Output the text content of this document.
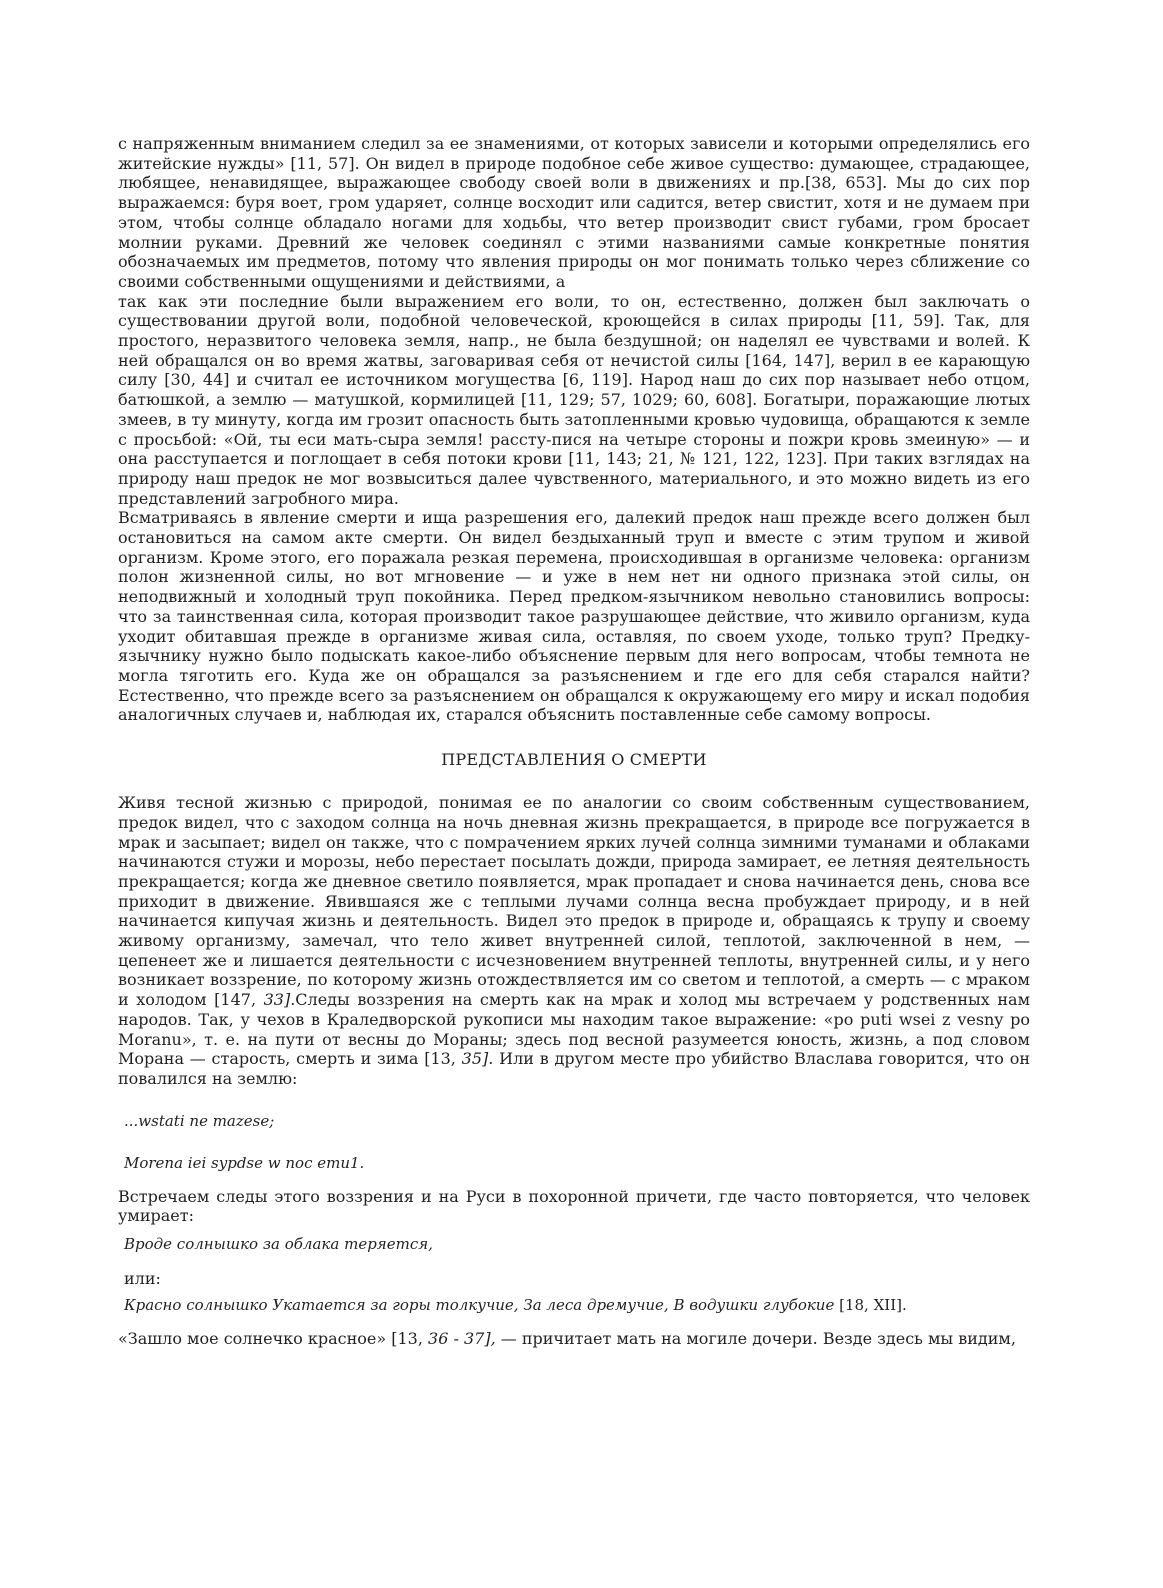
с напряженным вниманием следил за ее знамениями, от которых зависели и которыми определялись его житейские нужды» [11, 57]. Он видел в природе подобное себе живое существо: думающее, страдающее, любящее, ненавидящее, выражающее свободу своей воли в движениях и пр.[38, 653]. Мы до сих пор выражаемся: буря воет, гром ударяет, солнце восходит или садится, ветер свистит, хотя и не думаем при этом, чтобы солнце обладало ногами для ходьбы, что ветер производит свист губами, гром бросает молнии руками. Древний же человек соединял с этими названиями самые конкретные понятия обозначаемых им предметов, потому что явления природы он мог понимать только через сближение со своими собственными ощущениями и действиями, а

так как эти последние были выражением его воли, то он, естественно, должен был заключать о существовании другой воли, подобной человеческой, кроющейся в силах природы [11, 59]. Так, для простого, неразвитого человека земля, напр., не была бездушной; он наделял ее чувствами и волей. К ней обращался он во время жатвы, заговаривая себя от нечистой силы [164, 147], верил в ее карающую силу [30, 44] и считал ее источником могущества [6, 119]. Народ наш до сих пор называет небо отцом, батюшкой, а землю — матушкой, кормилицей [11, 129; 57, 1029; 60, 608]. Богатыри, поражающие лютых змеев, в ту минуту, когда им грозит опасность быть затопленными кровью чудовища, обращаются к земле с просьбой: «Ой, ты еси мать-сыра земля! рассту-пися на четыре стороны и пожри кровь змеиную» — и она расступается и поглощает в себя потоки крови [11, 143; 21, № 121, 122, 123]. При таких взглядах на природу наш предок не мог возвыситься далее чувственного, материального, и это можно видеть из его представлений загробного мира.

Всматриваясь в явление смерти и ища разрешения его, далекий предок наш прежде всего должен был остановиться на самом акте смерти. Он видел бездыханный труп и вместе с этим трупом и живой организм. Кроме этого, его поражала резкая перемена, происходившая в организме человека: организм полон жизненной силы, но вот мгновение — и уже в нем нет ни одного признака этой силы, он неподвижный и холодный труп покойника. Перед предком-язычником невольно становились вопросы: что за таинственная сила, которая производит такое разрушающее действие, что живило организм, куда уходит обитавшая прежде в организме живая сила, оставляя, по своем уходе, только труп? Предку-язычнику нужно было подыскать какое-либо объяснение первым для него вопросам, чтобы темнота не могла тяготить его. Куда же он обращался за разъяснением и где его для себя старался найти? Естественно, что прежде всего за разъяснением он обращался к окружающему его миру и искал подобия аналогичных случаев и, наблюдая их, старался объяснить поставленные себе самому вопросы.

ПРЕДСТАВЛЕНИЯ О СМЕРТИ

Живя тесной жизнью с природой, понимая ее по аналогии со своим собственным существованием, предок видел, что с заходом солнца на ночь дневная жизнь прекращается, в природе все погружается в мрак и засыпает; видел он также, что с помрачением ярких лучей солнца зимними туманами и облаками начинаются стужи и морозы, небо перестает посылать дожди, природа замирает, ее летняя деятельность прекращается; когда же дневное светило появляется, мрак пропадает и снова начинается день, снова все приходит в движение. Явившаяся же с теплыми лучами солнца весна пробуждает природу, и в ней начинается кипучая жизнь и деятельность. Видел это предок в природе и, обращаясь к трупу и своему живому организму, замечал, что тело живет внутренней силой, теплотой, заключенной в нем, — цепенеет же и лишается деятельности с исчезновением внутренней теплоты, внутренней силы, и у него возникает воззрение, по которому жизнь отождествляется им со светом и теплотой, а смерть — с мраком и холодом [147, 33].Следы воззрения на смерть как на мрак и холод мы встречаем у родственных нам народов. Так, у чехов в Краледворской рукописи мы находим такое выражение: «po puti wsei z vesny po Moranu», т. е. на пути от весны до Мораны; здесь под весной разумеется юность, жизнь, а под словом Морана — старость, смерть и зима [13, 35]. Или в другом месте про убийство Влaслава говорится, что он повалился на землю:

...wstati пе mazese;

Morena iei sypdse w пос emu1.

Встречаем следы этого воззрения и на Руси в похоронной причети, где часто повторяется, что человек умирает:

Вроде солнышко за облака теряется,

или:

Красно солнышко Укатается за горы толкучие, За леса дремучие, В водушки глубокие [18, XII].

«Зашло мое солнечко красное» [13, 36 - 37], — причитает мать на могиле дочери. Везде здесь мы видим,
